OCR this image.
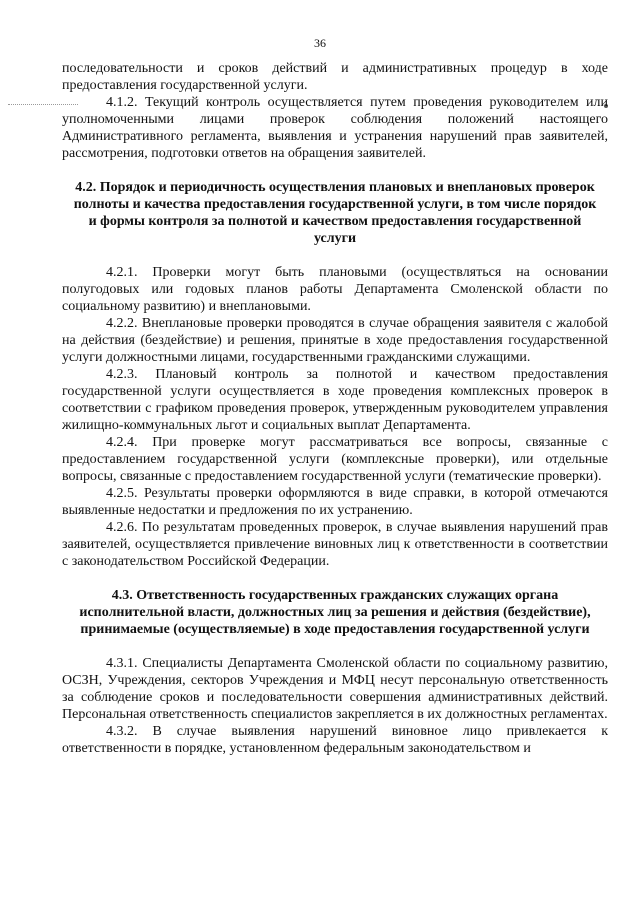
36

последовательности и сроков действий и административных процедур в ходе предоставления государственной услуги.

4.1.2. Текущий контроль осуществляется путем проведения руководителем или уполномоченными лицами проверок соблюдения положений настоящего Административного регламента, выявления и устранения нарушений прав заявителей, рассмотрения, подготовки ответов на обращения заявителей.

4.2. Порядок и периодичность осуществления плановых и внеплановых проверок полноты и качества предоставления государственной услуги, в том числе порядок и формы контроля за полнотой и качеством предоставления государственной услуги

4.2.1. Проверки могут быть плановыми (осуществляться на основании полугодовых или годовых планов работы Департамента Смоленской области по социальному развитию) и внеплановыми.

4.2.2. Внеплановые проверки проводятся в случае обращения заявителя с жалобой на действия (бездействие) и решения, принятые в ходе предоставления государственной услуги должностными лицами, государственными гражданскими служащими.

4.2.3. Плановый контроль за полнотой и качеством предоставления государственной услуги осуществляется в ходе проведения комплексных проверок в соответствии с графиком проведения проверок, утвержденным руководителем управления жилищно-коммунальных льгот и социальных выплат Департамента.

4.2.4. При проверке могут рассматриваться все вопросы, связанные с предоставлением государственной услуги (комплексные проверки), или отдельные вопросы, связанные с предоставлением государственной услуги (тематические проверки).

4.2.5. Результаты проверки оформляются в виде справки, в которой отмечаются выявленные недостатки и предложения по их устранению.

4.2.6. По результатам проведенных проверок, в случае выявления нарушений прав заявителей, осуществляется привлечение виновных лиц к ответственности в соответствии с законодательством Российской Федерации.

4.3. Ответственность государственных гражданских служащих органа исполнительной власти, должностных лиц за решения и действия (бездействие), принимаемые (осуществляемые) в ходе предоставления государственной услуги

4.3.1. Специалисты Департамента Смоленской области по социальному развитию, ОСЗН, Учреждения, секторов Учреждения и МФЦ несут персональную ответственность за соблюдение сроков и последовательности совершения административных действий. Персональная ответственность специалистов закрепляется в их должностных регламентах.

4.3.2. В случае выявления нарушений виновное лицо привлекается к ответственности в порядке, установленном федеральным законодательством и
